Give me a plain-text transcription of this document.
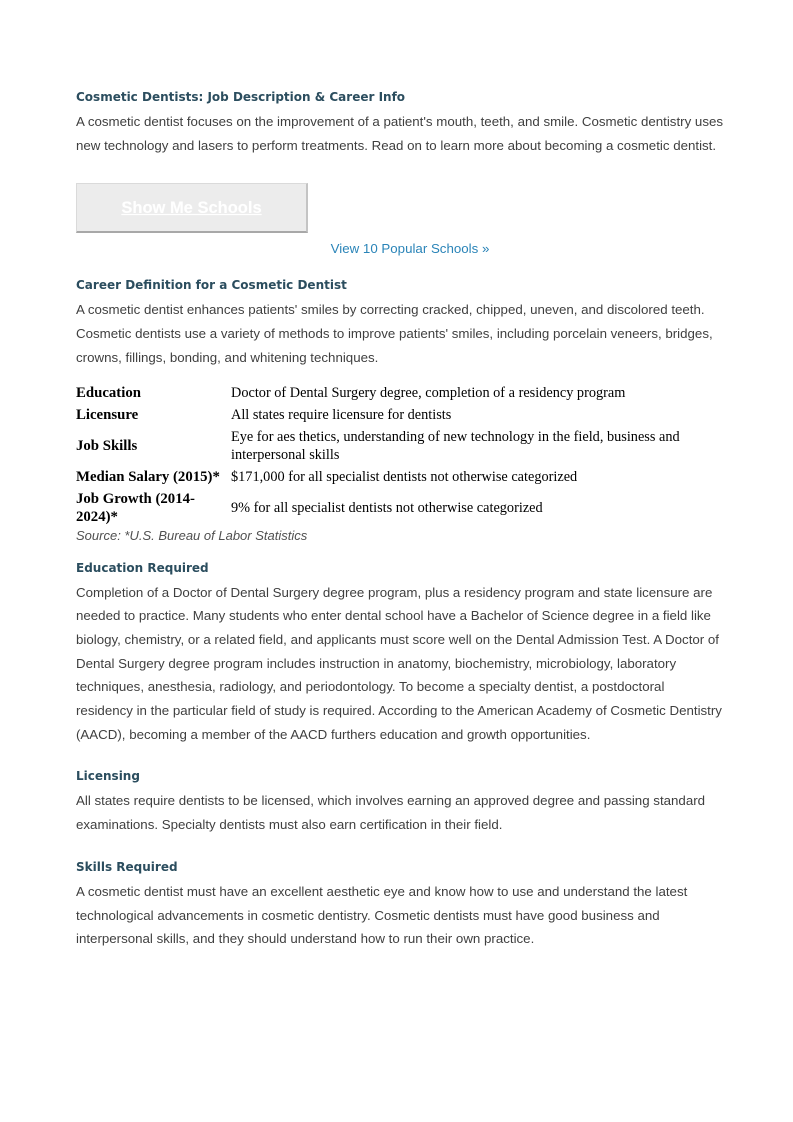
Cosmetic Dentists: Job Description & Career Info

A cosmetic dentist focuses on the improvement of a patient's mouth, teeth, and smile. Cosmetic dentistry uses new technology and lasers to perform treatments. Read on to learn more about becoming a cosmetic dentist.

Show Me Schools
View 10 Popular Schools »
Career Definition for a Cosmetic Dentist

A cosmetic dentist enhances patients' smiles by correcting cracked, chipped, uneven, and discolored teeth. Cosmetic dentists use a variety of methods to improve patients' smiles, including porcelain veneers, bridges, crowns, fillings, bonding, and whitening techniques.

Education	Doctor of Dental Surgery degree, completion of a residency program
Licensure	All states require licensure for dentists
Job Skills	Eye for aes thetics, understanding of new technology in the field, business and interpersonal skills
Median Salary (2015)*	$171,000 for all specialist dentists not otherwise categorized
Job Growth (2014-2024)*	9% for all specialist dentists not otherwise categorized
Source: *U.S. Bureau of Labor Statistics
Education Required

Completion of a Doctor of Dental Surgery degree program, plus a residency program and state licensure are needed to practice. Many students who enter dental school have a Bachelor of Science degree in a field like biology, chemistry, or a related field, and applicants must score well on the Dental Admission Test. A Doctor of Dental Surgery degree program includes instruction in anatomy, biochemistry, microbiology, laboratory techniques, anesthesia, radiology, and periodontology. To become a specialty dentist, a postdoctoral residency in the particular field of study is required. According to the American Academy of Cosmetic Dentistry (AACD), becoming a member of the AACD furthers education and growth opportunities.

Licensing

All states require dentists to be licensed, which involves earning an approved degree and passing standard examinations. Specialty dentists must also earn certification in their field.

Skills Required

A cosmetic dentist must have an excellent aesthetic eye and know how to use and understand the latest technological advancements in cosmetic dentistry. Cosmetic dentists must have good business and interpersonal skills, and they should understand how to run their own practice.
